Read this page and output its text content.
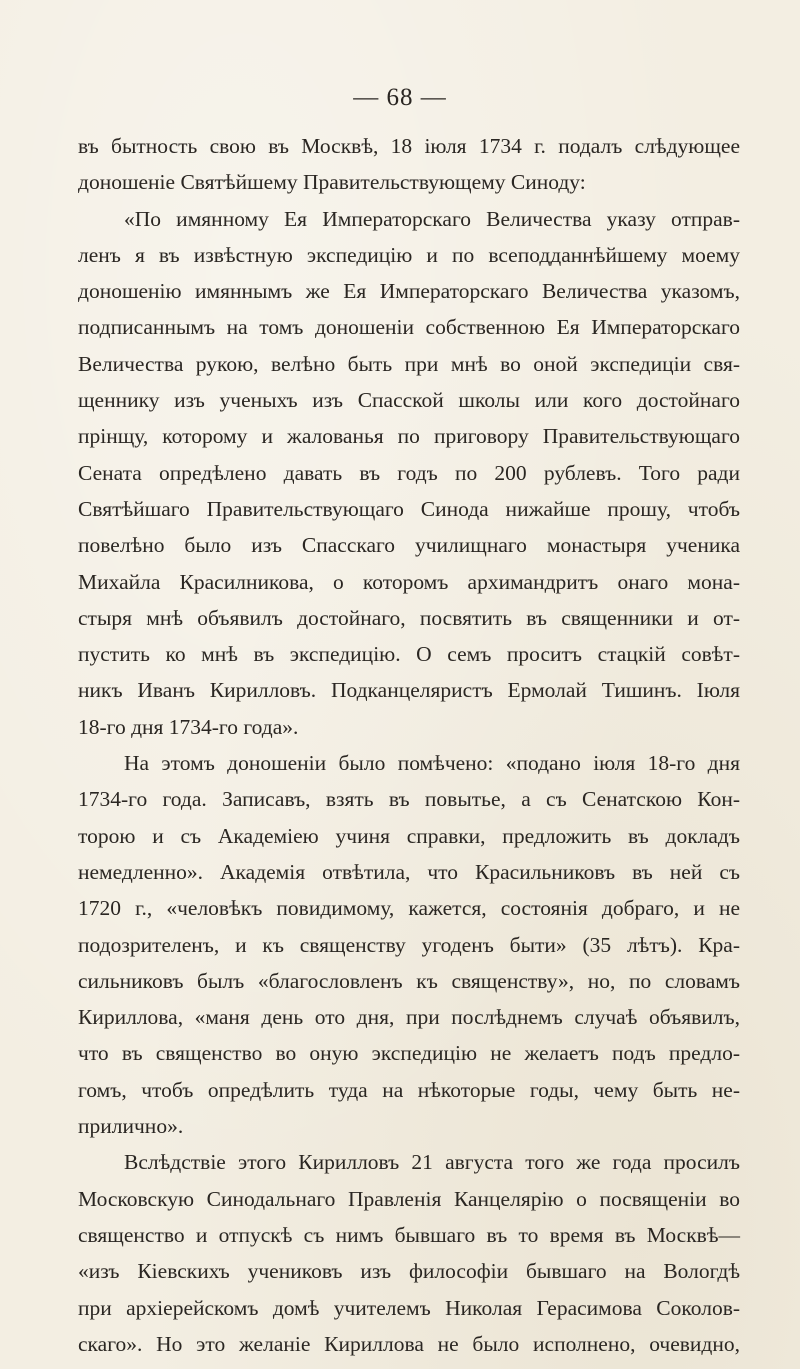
— 68 —
въ бытность свою въ Москвѣ, 18 іюля 1734 г. подалъ слѣдующее
доношеніе Святѣйшему Правительствующему Синоду:
«По имянному Ея Императорскаго Величества указу отправ-
ленъ я въ извѣстную экспедицію и по всеподданнѣйшему моему
доношенію имяннымъ же Ея Императорскаго Величества указомъ,
подписаннымъ на томъ доношеніи собственною Ея Императорскаго
Величества рукою, велѣно быть при мнѣ во оной экспедиціи свя-
щеннику изъ ученыхъ изъ Спасской школы или кого достойнаго
прінщу, которому и жалованья по приговору Правительствующаго
Сената опредѣлено давать въ годъ по 200 рублевъ. Того ради
Святѣйшаго Правительствующаго Синода нижайше прошу, чтобъ
повелѣно было изъ Спасскаго училищнаго монастыря ученика
Михайла Красилникова, о которомъ архимандритъ онаго мона-
стыря мнѣ объявилъ достойнаго, посвятить въ священники и от-
пустить ко мнѣ въ экспедицію. О семъ проситъ стацкій совѣт-
никъ Иванъ Кирилловъ. Подканцеляристъ Ермолай Тишинъ. Іюля
18-го дня 1734-го года».
На этомъ доношеніи было помѣчено: «подано іюля 18-го дня
1734-го года. Записавъ, взять въ повытье, а съ Сенатскою Кон-
торою и съ Академіею учиня справки, предложить въ докладъ
немедленно». Академія отвѣтила, что Красильниковъ въ ней съ
1720 г., «человѣкъ повидимому, кажется, состоянія добраго, и не
подозрителенъ, и къ священству угоденъ быти» (35 лѣтъ). Кра-
сильниковъ былъ «благословленъ къ священству», но, по словамъ
Кириллова, «маня день ото дня, при послѣднемъ случаѣ объявилъ,
что въ священство во оную экспедицію не желаетъ подъ предло-
гомъ, чтобъ опредѣлить туда на нѣкоторые годы, чему быть не-
прилично».
Вслѣдствіе этого Кирилловъ 21 августа того же года просилъ
Московскую Синодальнаго Правленія Канцелярію о посвященіи во
священство и отпускѣ съ нимъ бывшаго въ то время въ Москвѣ—
«изъ Кіевскихъ учениковъ изъ философіи бывшаго на Вологдѣ
при архіерейскомъ домѣ учителемъ Николая Герасимова Соколов-
скаго». Но это желаніе Кириллова не было исполнено, очевидно,
